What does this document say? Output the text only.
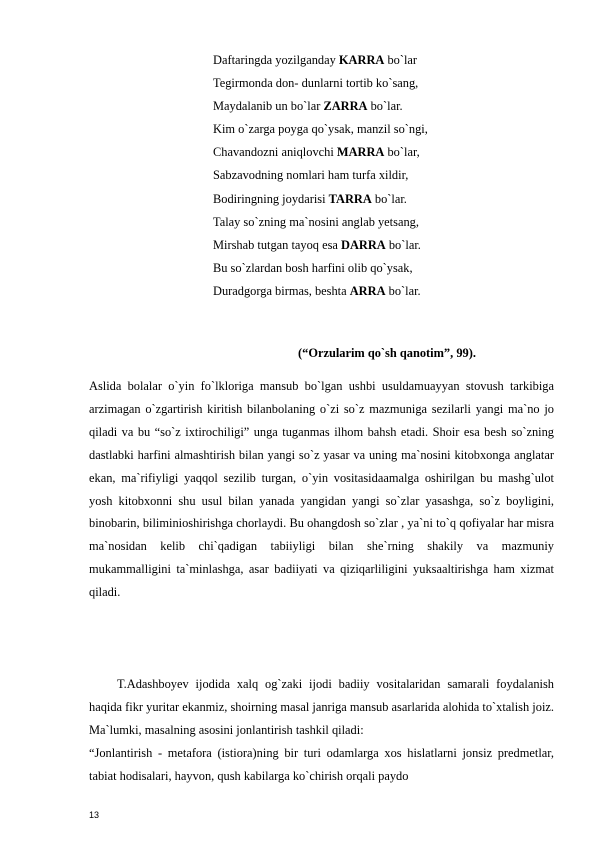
Daftaringda yozilganday KARRA bo`lar
Tegirmonda don- dunlarni tortib ko`sang,
Maydalanib un bo`lar ZARRA bo`lar.
Kim o`zarga poyga qo`ysak, manzil so`ngi,
Chavandozni aniqlovchi MARRA bo`lar,
Sabzavodning nomlari ham turfa xildir,
Bodiringning joydarisi TARRA bo`lar.
Talay so`zning ma`nosini anglab yetsang,
Mirshab tutgan tayoq esa DARRA bo`lar.
Bu so`zlardan bosh harfini olib qo`ysak,
Duradgorga birmas, beshta ARRA bo`lar.
(“Orzularim qo`sh qanotim”, 99).

Aslida bolalar o`yin fo`lkloriga mansub bo`lgan ushbi usuldamuayyan stovush tarkibiga arzimagan o`zgartirish kiritish bilanbolaning o`zi so`z mazmuniga sezilarli yangi ma`no jo qiladi va bu “so`z ixtirochiligi” unga tuganmas ilhom bahsh etadi. Shoir esa besh so`zning dastlabki harfini almashtirish bilan yangi so`z yasar va uning ma`nosini kitobxonga anglatar ekan, ma`rifiyligi yaqqol sezilib turgan, o`yin vositasidaamalga oshirilgan bu mashg`ulot yosh kitobxonni shu usul bilan yanada yangidan yangi so`zlar yasashga, so`z boyligini, binobarin, biliminioshirishga chorlaydi. Bu ohangdosh so`zlar , ya`ni to`q qofiyalar har misra ma`nosidan kelib chi`qadigan tabiiyligi bilan she`rning shakily va mazmuniy mukammalligini ta`minlashga, asar badiiyati va qiziqarliligini yuksaaltirishga ham xizmat qiladi.

T.Adashboyev ijodida xalq og`zaki ijodi badiiy vositalaridan samarali foydalanish haqida fikr yuritar ekanmiz, shoirning masal janriga mansub asarlarida alohida to`xtalish joiz. Ma`lumki, masalning asosini jonlantirish tashkil qiladi:

“Jonlantirish - metafora (istiora)ning bir turi odamlarga xos hislatlarni jonsiz predmetlar, tabiat hodisalari, hayvon, qush kabilarga ko`chirish orqali paydo

13
